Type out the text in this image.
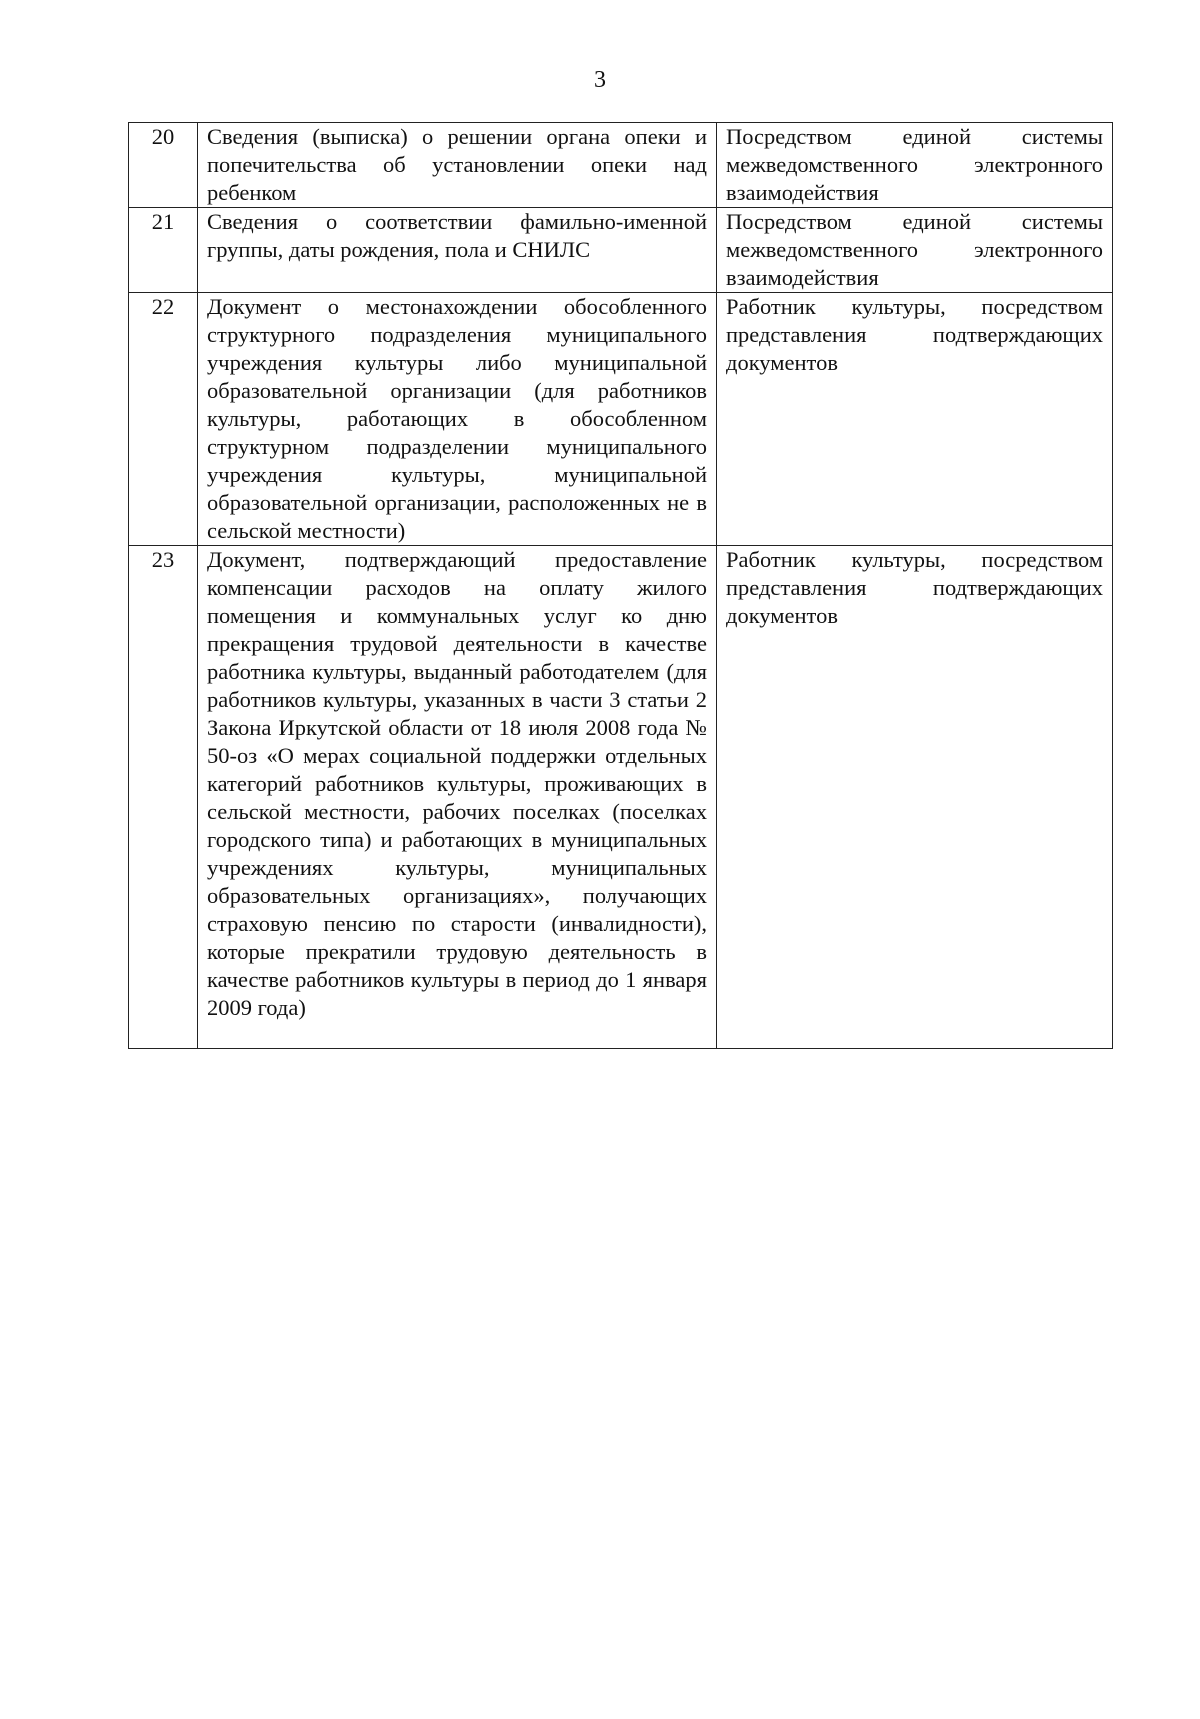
3
20	Сведения (выписка) о решении органа опеки и попечительства об установлении опеки над ребенком	Посредством единой системы межведомственного электронного взаимодействия
21	Сведения о соответствии фамильно-именной группы, даты рождения, пола и СНИЛС	Посредством единой системы межведомственного электронного взаимодействия
22	Документ о местонахождении обособленного структурного подразделения муниципального учреждения культуры либо муниципальной образовательной организации (для работников культуры, работающих в обособленном структурном подразделении муниципального учреждения культуры, муниципальной образовательной организации, расположенных не в сельской местности)	Работник культуры, посредством представления подтверждающих документов
23	Документ, подтверждающий предоставление компенсации расходов на оплату жилого помещения и коммунальных услуг ко дню прекращения трудовой деятельности в качестве работника культуры, выданный работодателем (для работников культуры, указанных в части 3 статьи 2 Закона Иркутской области от 18 июля 2008 года № 50-оз «О мерах социальной поддержки отдельных категорий работников культуры, проживающих в сельской местности, рабочих поселках (поселках городского типа) и работающих в муниципальных учреждениях культуры, муниципальных образовательных организациях», получающих страховую пенсию по старости (инвалидности), которые прекратили трудовую деятельность в качестве работников культуры в период до 1 января 2009 года)	Работник культуры, посредством представления подтверждающих документов
